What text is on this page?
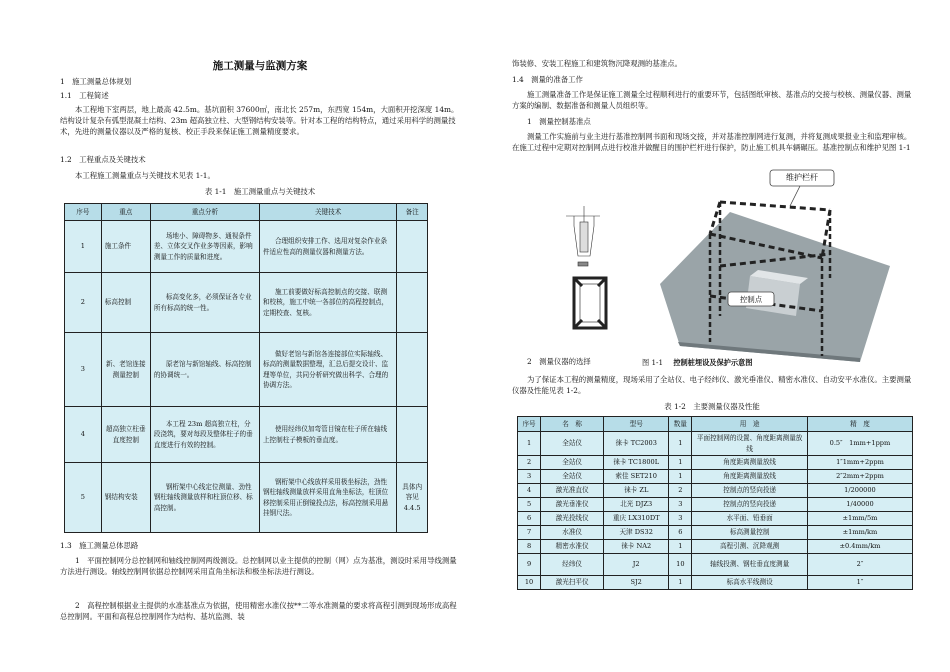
施工测量与监测方案
1　施工测量总体规划
1.1　工程简述
本工程地下室两层，地上最高 42.5m。基坑面积 37600㎡，南北长 257m，东西宽 154m，大面积开挖深度 14m。结构设计复杂有弧型混凝土结构、23m 超高独立柱、大型钢结构安装等。针对本工程的结构特点，通过采用科学的测量技术，先进的测量仪器以及严格的复核、校正手段来保证施工测量精度要求。
1.2　工程重点及关键技术
本工程施工测量重点与关键技术见表 1-1。
表 1-1　施工测量重点与关键技术
序号	重点	重点分析	关键技术	备注
1	施工条件	场地小、障碍物多、通视条件差、立体交叉作业多等因素，影响测量工作的质量和进度。	合理组织安排工作、选用对复杂作业条件适应性高的测量仪器和测量方法。	
2	标高控制	标高变化多，必须保证各专业所有标高的统一性。	施工前要做好标高控制点的交接、联测和校核，施工中统一各部位的高程控制点，定期校查、复核。	
3	新、老馆连接测量控制	原老馆与新馆轴线、标高控制的协调统一。	做好老馆与新馆各连接部位实际轴线、标高的测量数据整理，汇总后提交设计、监理等单位，共同分析研究做出科学、合理的协调方法。	
4	超高独立柱垂直度控制	本工程 23m 超高独立柱，分段浇筑，要对每段及整体柱子的垂直度进行有效的控制。	使用经纬仪加弯管目镜在柱子所在轴线上控制柱子模板的垂直度。	
5	钢结构安装	钢桁架中心线定位测量、劲性钢柱轴线测量放样和柱顶位移、标高控制。	钢桁架中心线放样采用极坐标法，劲性钢柱轴线测量放样采用直角坐标法，柱顶位移控制采用正倒镜投点法，标高控制采用悬挂钢尺法。	具体内容见 4.4.5
1.3　施工测量总体思路
1　平面控制网分总控制网和轴线控制网两级测设。总控制网以业主提供的控制（网）点为基准，测设时采用导线测量方法进行测设。轴线控制网依据总控制网采用直角坐标法和极坐标法进行测设。
2　高程控制根据业主提供的水准基准点为依据，使用精密水准仪按**二等水准测量的要求将高程引测到现场形成高程总控制网。平面和高程总控制网作为结构、基坑监测、装
饰装修、安装工程施工和建筑物沉降观测的基准点。
1.4　测量的准备工作
施工测量准备工作是保证施工测量全过程顺利进行的重要环节，包括图纸审核、基准点的交接与校核、测量仪器、测量方案的编制、数据准备和测量人员组织等。
1　测量控制基准点
测量工作实施前与业主进行基准控制网书面和现场交接，并对基准控制网进行复测，并将复测成果报业主和监理审核。在施工过程中定期对控制网点进行校准并做醒目的围护栏杆进行保护，防止施工机具车辆碾压。基准控制点和维护见图 1-1
维护栏杆
控制点
2　测量仪器的选择	图 1-1 控制桩埋设及保护示意图
为了保证本工程的测量精度，现场采用了全站仪、电子经纬仪、激光垂准仪、精密水准仪、自动安平水准仪。主要测量仪器及性能见表 1-2。
表 1-2　主要测量仪器及性能
序号	名　称	型号	数量	用　途	精　度
1	全站仪	徕卡 TC2003	1	平面控制网的设置、角度距离测量放线	0.5″　1mm+1ppm
2	全站仪	徕卡 TC1800L	1	角度距离测量放线	1″1mm+2ppm
3	全站仪	索佳 SET210	1	角度距离测量放线	2″2mm+2ppm
4	激光准直仪	徕卡 ZL	2	控制点的竖向投递	1/200000
5	激光垂准仪	北光 DJZ3	3	控制点的竖向投递	1/40000
6	激光投线仪	重庆 LX310DT	3	水平面、铅垂面	±1mm/5m
7	水准仪	天津 DS32	6	标高测量控制	±1mm/km
8	精密水准仪	徕卡 NA2	1	高程引测、沉降观测	±0.4mm/km
9	经纬仪	J2	10	轴线投测、钢柱垂直度测量	2″
10	激光扫平仪	SJ2	1	标高水平线测设	1″
